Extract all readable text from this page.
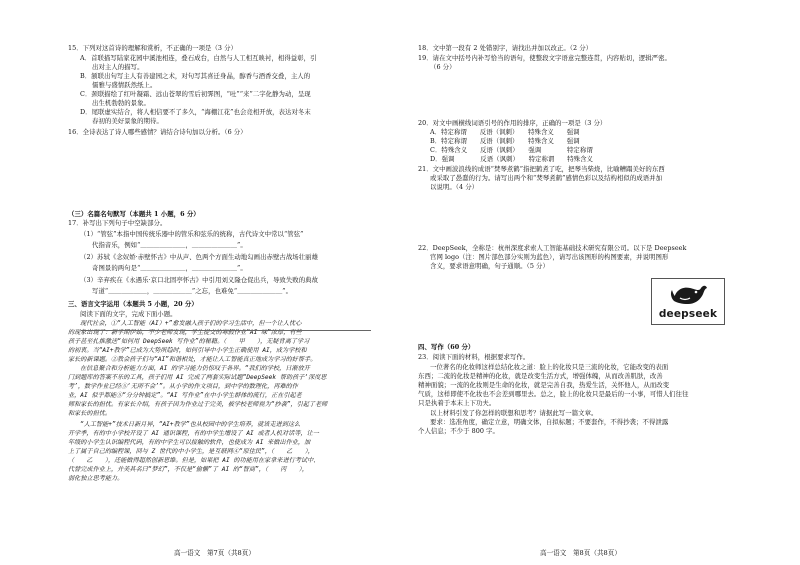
15．下列对这首诗的理解和赏析，不正确的一项是（3 分）
A．首联描写陆家花园中溪池相连，叠石成台，白然与人工相互映衬，相得益彰，引
出对主人的描写。
B．颔联出句写主人有善建园之术，对句写其喜迁身晶，醇香与酒香交叠，主人的
儒雅与盛情跃然纸上。
C．颈联描绘了红叶凝霜、远山苍翠的雪后初霁图，“吐”“来”二字化静为动，呈现
出生机勃勃的景象。
D．尾联虚实结合，将人相信要不了多久，“海棚江花”也会竞相开放，表达对冬末
春初的美好景象的期待。
16．全诗表达了诗人哪些感情？请结合诗句加以分析。（6 分）
（三）名篇名句默写（本题共 1 小题，6 分）
17．补写出下列句子中空缺部分。
（1）“管弦”本指中国传统乐器中的管乐和弦乐的统称，古代诗文中常以“管弦”
代指音乐，例如“＿＿＿＿＿＿＿，＿＿＿＿＿＿＿”。
（2）苏轼《念奴娇·赤壁怀古》中从声、色两个方面生动地勾画出赤壁古战场壮丽雄
奇图景的两句是“＿＿＿＿＿＿＿，＿＿＿＿＿＿＿”。
（3）辛弃疾在《永遇乐·京口北固亭怀古》中引用刘义隆仓促出兵，导致失败的典故
写道“＿＿＿＿＿＿，＿＿＿＿＿＿”之忘，也难免“＿＿＿＿＿＿＿”。
三、语言文字运用（本题共 5 小题，20 分）
阅读下面的文字，完成下面小题。
现代社会，①“人工智能（AI）+”愈发融入孩子们的学习生活中，但一个让人忧心
的现象出现了：新学期伊始，不少老师发现，学生提交的寒假作业“AI 味”浓厚，有些
孩子甚至扎推激送“如何用 DeepSeek 写作业”的秘籍。（　　甲　　），无疑背离了学习
的初衷。当“AI+教学”已成为大势所趋时，如何引导中小学生正确使用 AI，成为学校和
家长的新课题。②教会孩子们与“AI”和谐相处，才能让人工智能真正地成为学习的好帮手。
在信息聚合和分析能力方面，AI 的学习能力仍惊叹于各界。“我们的学校，日渐放开
门到题库的答案不乐的工具，孩子们用 AI 完成了两套实际试题“DeepSeek 帮助孩子‘深度思
考’，数学作业已经⑤‘无所不会’”。从小学的作文项目，到中学的数理化，再难的作
业，AI 似乎都能⑤“分分钟搞定”。“AI 写作业”在中小学生群体的流行，正在引起老
师和家长的担忧。有家长介绍，有孩子因为作业过于完美，被学校老师视为“抄袭”，引起了老师
和家长的担忧。
“人工智能+”技术日新月异，“AI+教学”也从校园中的学生培养，就该走进到这么
开学季，有的中小学校开设了 AI 通识课程，有的中学生增设了 AI 或者人机对话等，让一
年级的小学生认识编程代码，有的中学生可以接触的软件，也使成为 AI 来做出作业，加
上了属于自己的编程课，回与 Z 世代的中小学生，是互联网④“原住民”，（　　乙　　），
（　　乙　　），还能做得超然创新思维。但是，如果把 AI 的功能用在家拿来进行考试中、
代替完成作业上，并美其名曰“梦幻”，不仅是“偷懒”了 AI 的“智商”，（　　丙　　），
弱化独立思考能力。
18．文中第一段有 2 处错别字，请找出并加以改正。（2 分）
19．请在文中括号内补写恰当的语句，使整段文字语意完整连贯，内容贴切，逻辑严密。
（6 分）
20．对文中画横线词语引号的作用的排序，正确的一项是（3 分）
A．特定称谓　　反语（讽刺）　　特殊含义　　强调
B．特定称谓　　反语（讽刺）　　特殊含义　　强调
C．特殊含义　　反语（讽刺）　　强调　　　　特定称谓
D．强调　　　　反语（讽刺）　　特定称谓　　特殊含义
21．文中画波浪线的成语“焚琴煮鹤”指把鹤煮了吃，把琴当柴烧，比喻糟蹋美好的东西
或采取了愚蠢的行为。请写出两个和“焚琴煮鹤”感情色彩以及结构相似的成语并加
以说明。（4 分）
22．DeepSeek，全称是：杭州深度求索人工智能基础技术研究有限公司。以下是 Deepseek
官网 logo（注：图片部色部分实则为蓝色），请写出该图形的构图要素，并说明图形
含义，要求语意明确，句子通顺。（5 分）
四、写作（60 分）
23．阅读下面的材料，根据要求写作。
一位著名的化妆师这样总结化妆之道：脸上的化妆只是三流的化妆，它能改变的表面
东西；二流的化妆是精神的化妆，就是改变生活方式，增强体魄，从而改善肌肤，改善
精神面貌；一流的化妆则是生命的化妆，就是完善自我，热爱生活，关怀他人，从而改变
气质，这样即使不化妆也不会差到哪里去。总之，脸上的化妆只是最后的一小事，可惜人们往往
只是执着于本末上下功夫。
以上材料引发了你怎样的联想和思考？请据此写一篇文章。
要求：选准角度，确定立意，明确文体，自拟标题；不要套作，不得抄袭；不得泄露
个人信息；不少于 800 字。
deepseek
高一语文　第7页（共8页）	高一语文　第8页（共8页）
